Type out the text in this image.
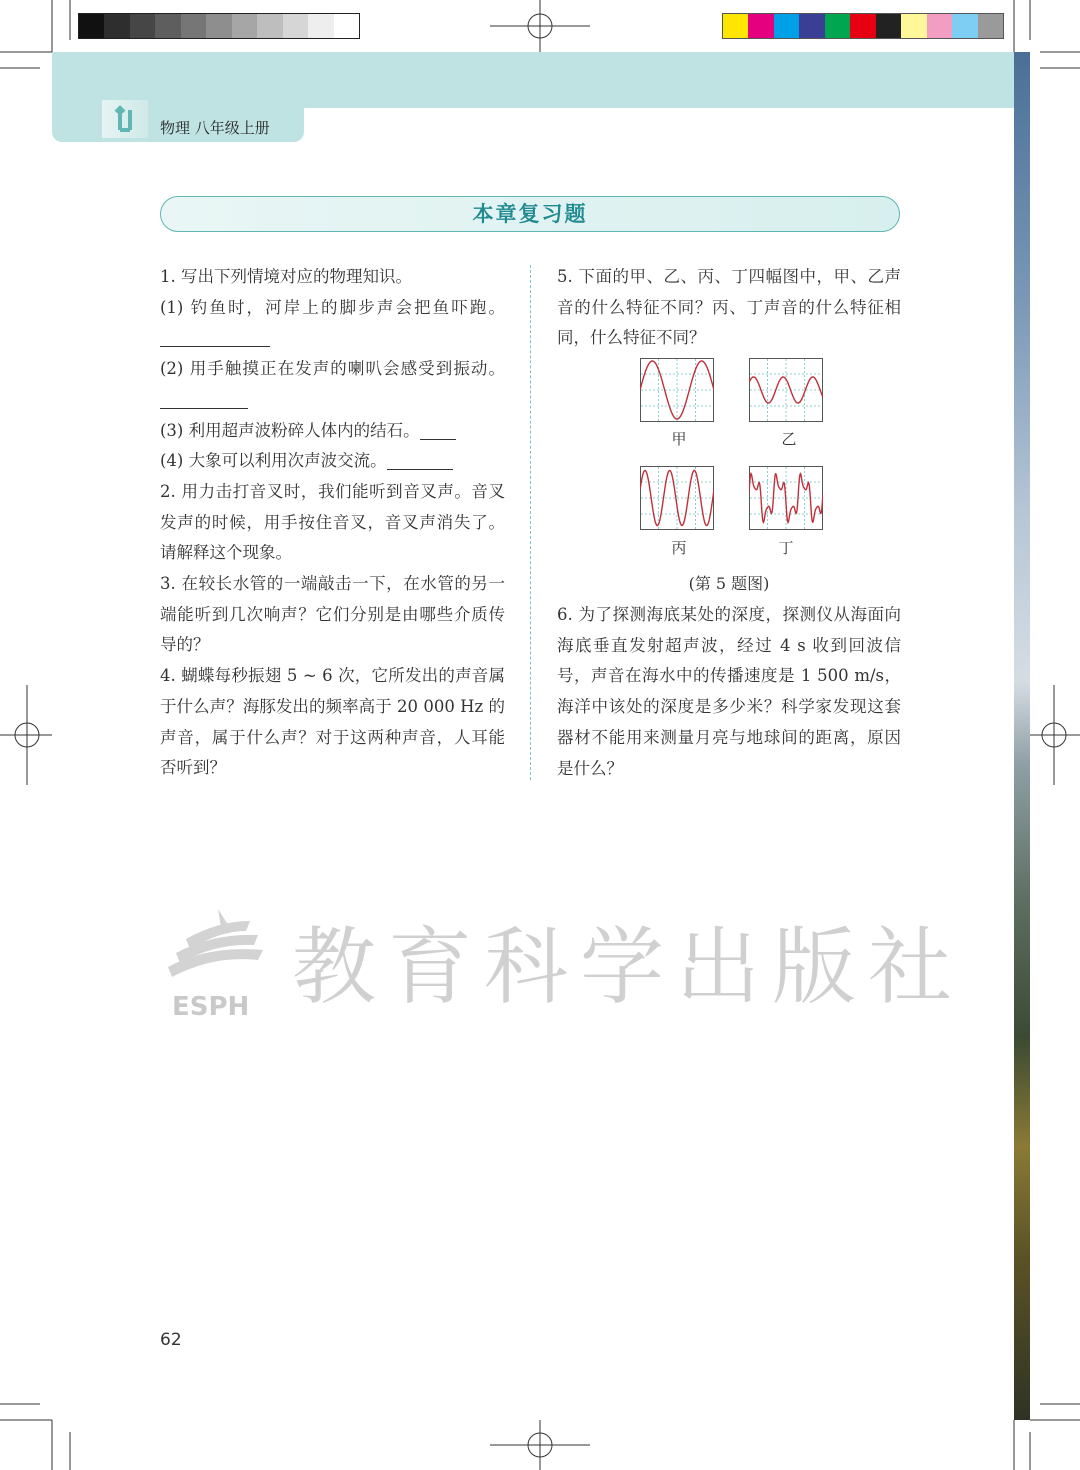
物理 八年级上册
本章复习题

1. 写出下列情境对应的物理知识。

(1) 钓鱼时，河岸上的脚步声会把鱼吓跑。

(2) 用手触摸正在发声的喇叭会感受到振动。

(3) 利用超声波粉碎人体内的结石。

(4) 大象可以利用次声波交流。

2. 用力击打音叉时，我们能听到音叉声。音叉发声的时候，用手按住音叉，音叉声消失了。请解释这个现象。

3. 在较长水管的一端敲击一下，在水管的另一端能听到几次响声？它们分别是由哪些介质传导的？

4. 蝴蝶每秒振翅 5 ~ 6 次，它所发出的声音属于什么声？海豚发出的频率高于 20 000 Hz 的声音，属于什么声？对于这两种声音，人耳能否听到？

5. 下面的甲、乙、丙、丁四幅图中，甲、乙声音的什么特征不同？丙、丁声音的什么特征相同，什么特征不同？

甲	乙
丙	丁
(第 5 题图)

6. 为了探测海底某处的深度，探测仪从海面向海底垂直发射超声波，经过 4 s 收到回波信号，声音在海水中的传播速度是 1 500 m/s，海洋中该处的深度是多少米？科学家发现这套器材不能用来测量月亮与地球间的距离，原因是什么？

ESPH 教育科学出版社
62
